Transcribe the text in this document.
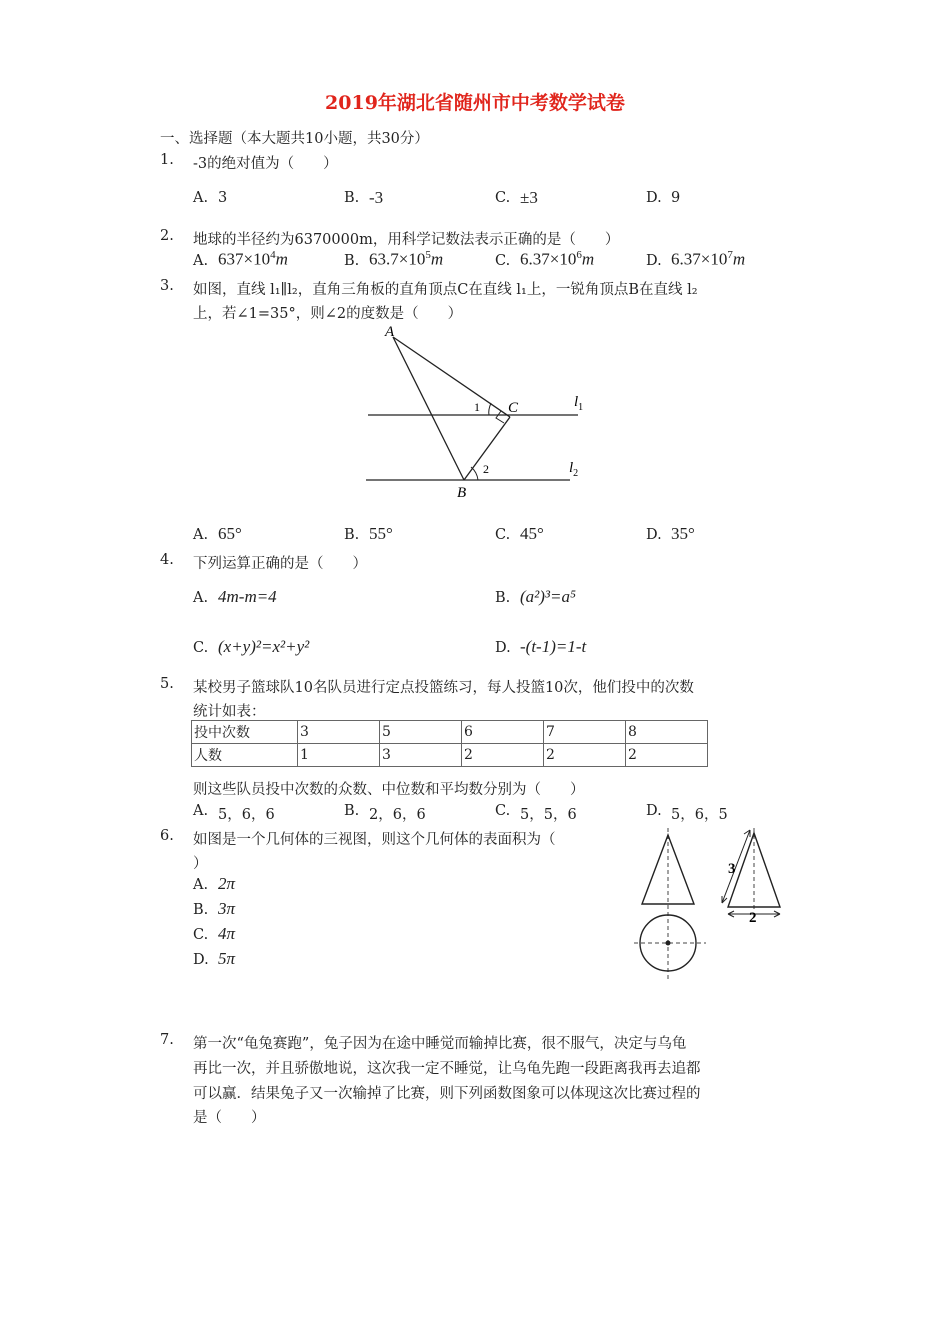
2019年湖北省随州市中考数学试卷
一、选择题（本大题共10小题，共30分）
1. -3的绝对值为（　　）
A. 3	B. -3	C. ±3	D. 9
2. 地球的半径约为6370000m，用科学记数法表示正确的是（　　）
A. $637\times 10^4m$	B. $63.7\times 10^5m$	C. $6.37\times 10^6m$	D. $6.37\times 10^7m$
3. 如图，直线 l₁∥l₂，直角三角板的直角顶点C在直线 l₁上，一锐角顶点B在直线 l₂
上，若∠1=35°，则∠2的度数是（　　）
A
B
C
1
2
$l_1$
$l_2$
A. 65°	B. 55°	C. 45°	D. 35°
4. 下列运算正确的是（　　）
A. 4m-m=4	B. (a²)³=a⁵
C. (x+y)²=x²+y²	D. -(t-1)=1-t
5. 某校男子篮球队10名队员进行定点投篮练习，每人投篮10次，他们投中的次数
统计如表：
投中次数	3	5	6	7	8
人数	1	3	2	2	2
则这些队员投中次数的众数、中位数和平均数分别为（　　）
A. 5，6，6	B. 2，6，6	C. 5，5，6	D. 5，6，5
6. 如图是一个几何体的三视图，则这个几何体的表面积为（
）
A. 2π
B. 3π
C. 4π
D. 5π
3
2
7. 第一次“龟兔赛跑”，兔子因为在途中睡觉而输掉比赛，很不服气，决定与乌龟
再比一次，并且骄傲地说，这次我一定不睡觉，让乌龟先跑一段距离我再去追都
可以赢．结果兔子又一次输掉了比赛，则下列函数图象可以体现这次比赛过程的
是（　　）
